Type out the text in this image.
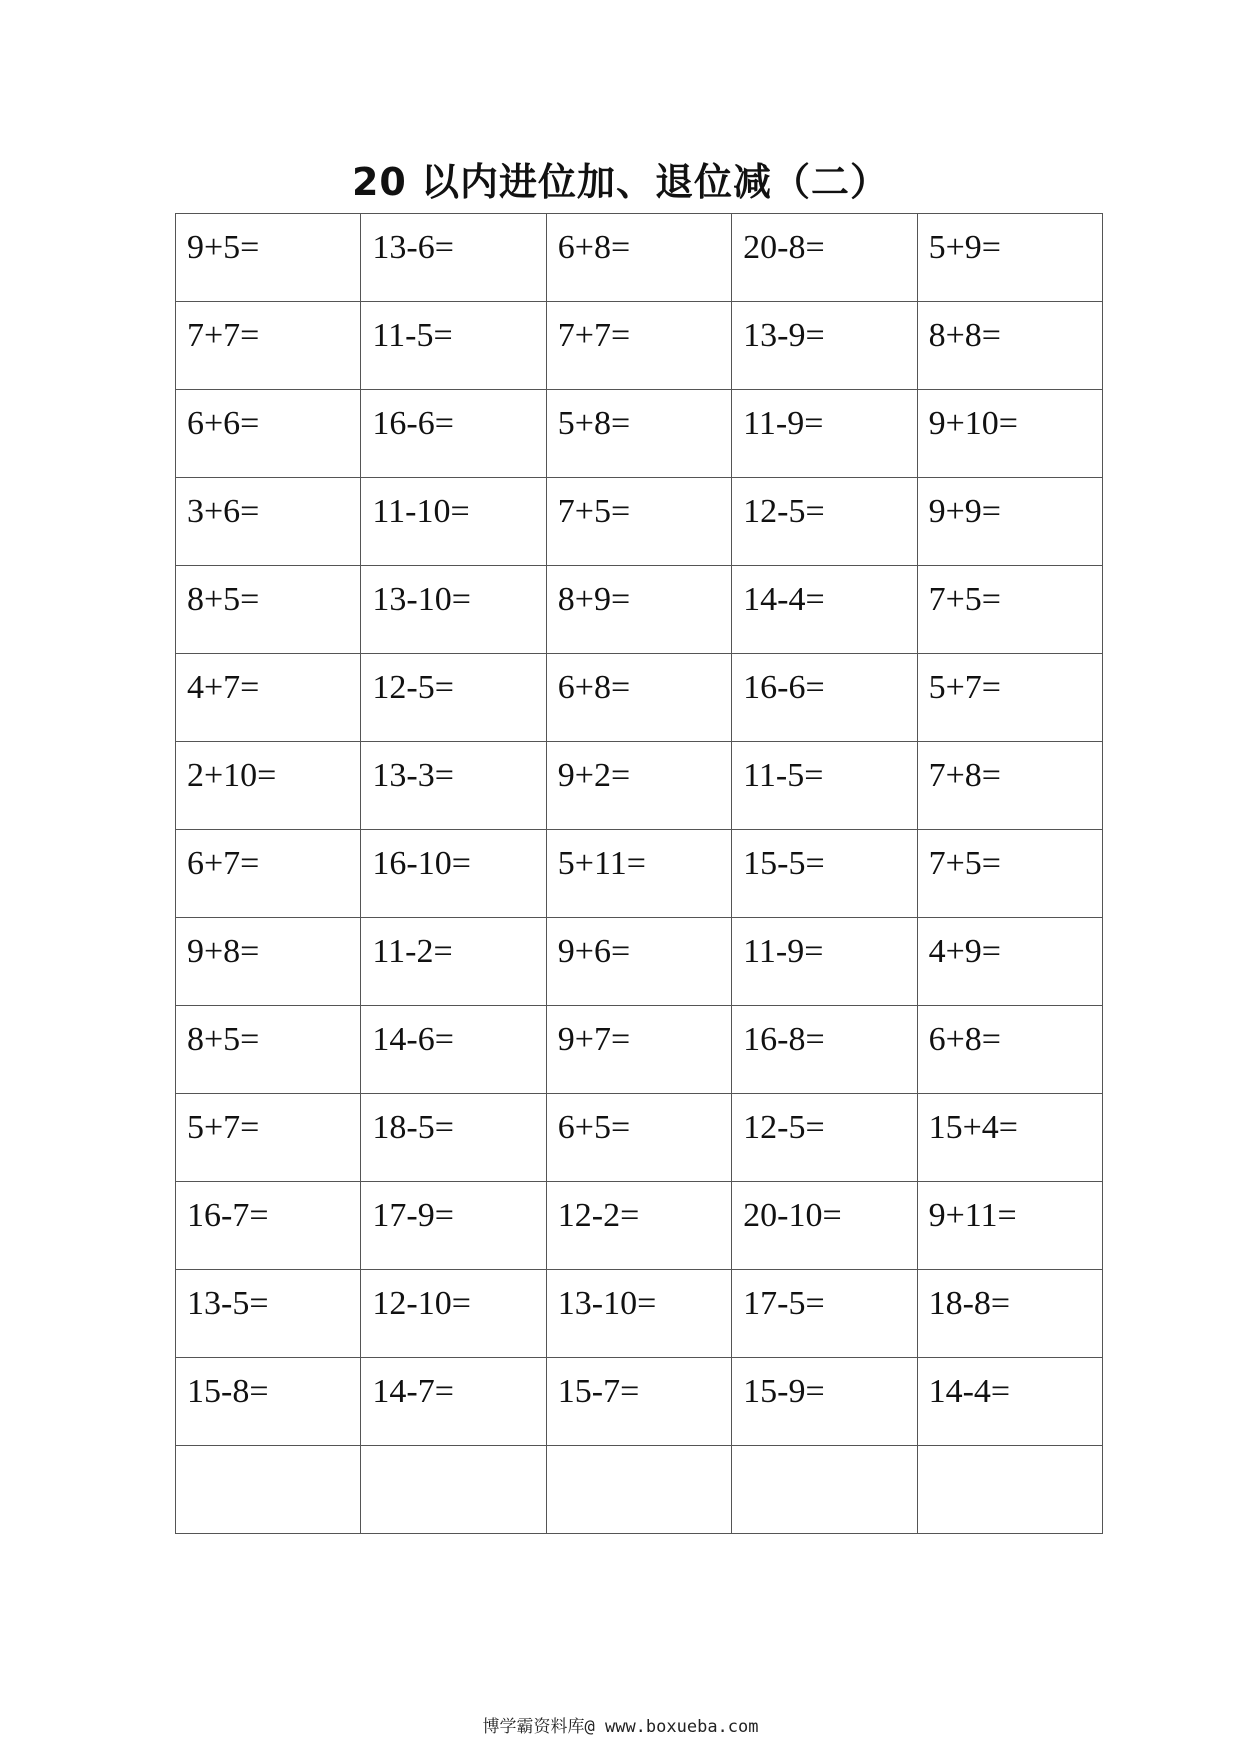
20 以内进位加、退位减（二）
9+5=	13-6=	6+8=	20-8=	5+9=

7+7=	11-5=	7+7=	13-9=	8+8=

6+6=	16-6=	5+8=	11-9=	9+10=

3+6=	11-10=	7+5=	12-5=	9+9=

8+5=	13-10=	8+9=	14-4=	7+5=

4+7=	12-5=	6+8=	16-6=	5+7=

2+10=	13-3=	9+2=	11-5=	7+8=

6+7=	16-10=	5+11=	15-5=	7+5=

9+8=	11-2=	9+6=	11-9=	4+9=

8+5=	14-6=	9+7=	16-8=	6+8=

5+7=	18-5=	6+5=	12-5=	15+4=

16-7=	17-9=	12-2=	20-10=	9+11=

13-5=	12-10=	13-10=	17-5=	18-8=

15-8=	14-7=	15-7=	15-9=	14-4=

博学霸资料库@ www.boxueba.com
